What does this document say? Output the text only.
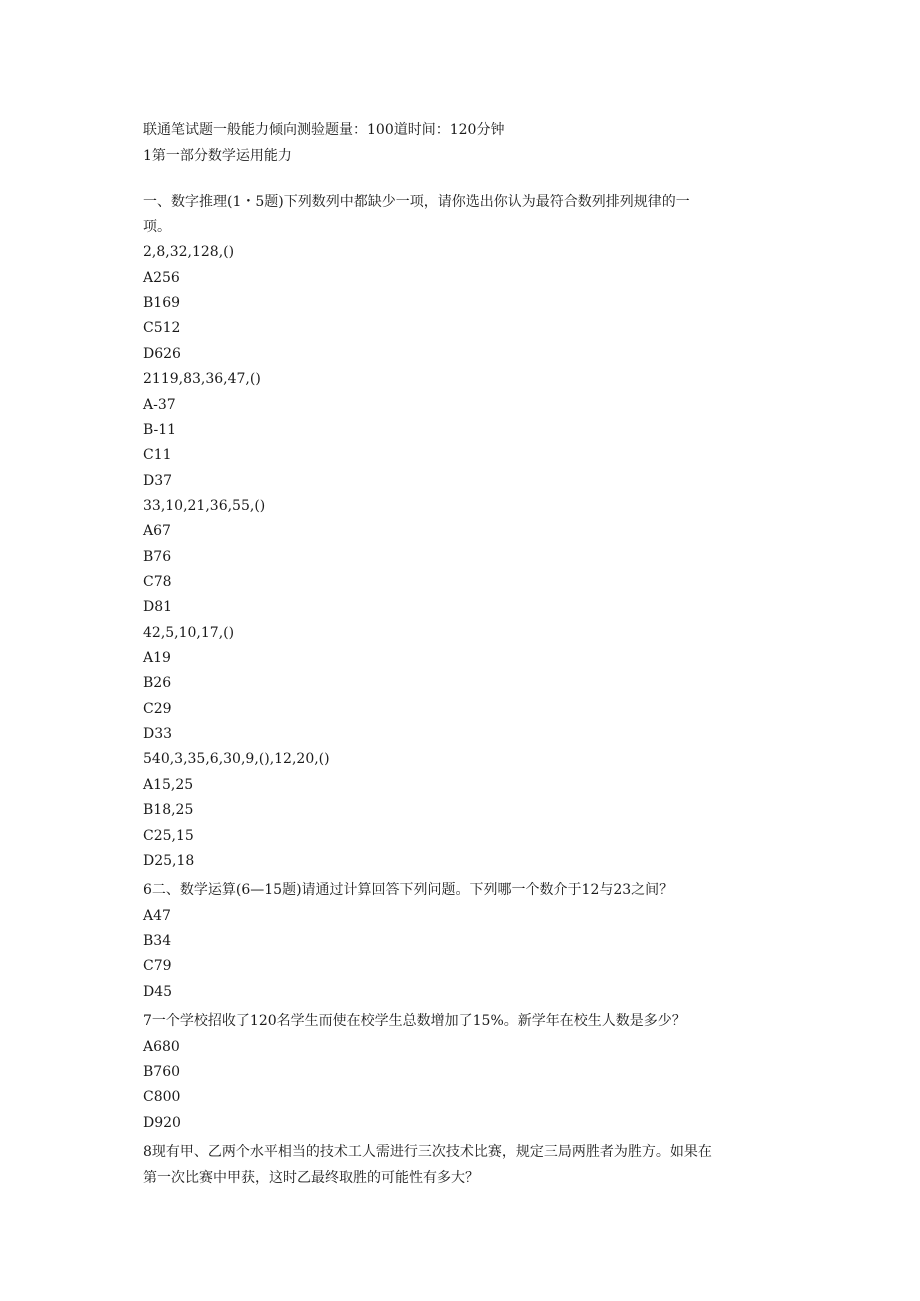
联通笔试题一般能力倾向测验题量：100道时间：120分钟
1第一部分数学运用能力
一、数字推理(1・5题)下列数列中都缺少一项，请你选出你认为最符合数列排列规律的一
项。
2,8,32,128,()
A256
B169
C512
D626
2119,83,36,47,()
A-37
B-11
C11
D37
33,10,21,36,55,()
A67
B76
C78
D81
42,5,10,17,()
A19
B26
C29
D33
540,3,35,6,30,9,(),12,20,()
A15,25
B18,25
C25,15
D25,18
6二、数学运算(6—15题)请通过计算回答下列问题。下列哪一个数介于12与23之间？
A47
B34
C79
D45
7一个学校招收了120名学生而使在校学生总数增加了15%。新学年在校生人数是多少？
A680
B760
C800
D920
8现有甲、乙两个水平相当的技术工人需进行三次技术比赛，规定三局两胜者为胜方。如果在
第一次比赛中甲获，这时乙最终取胜的可能性有多大？
